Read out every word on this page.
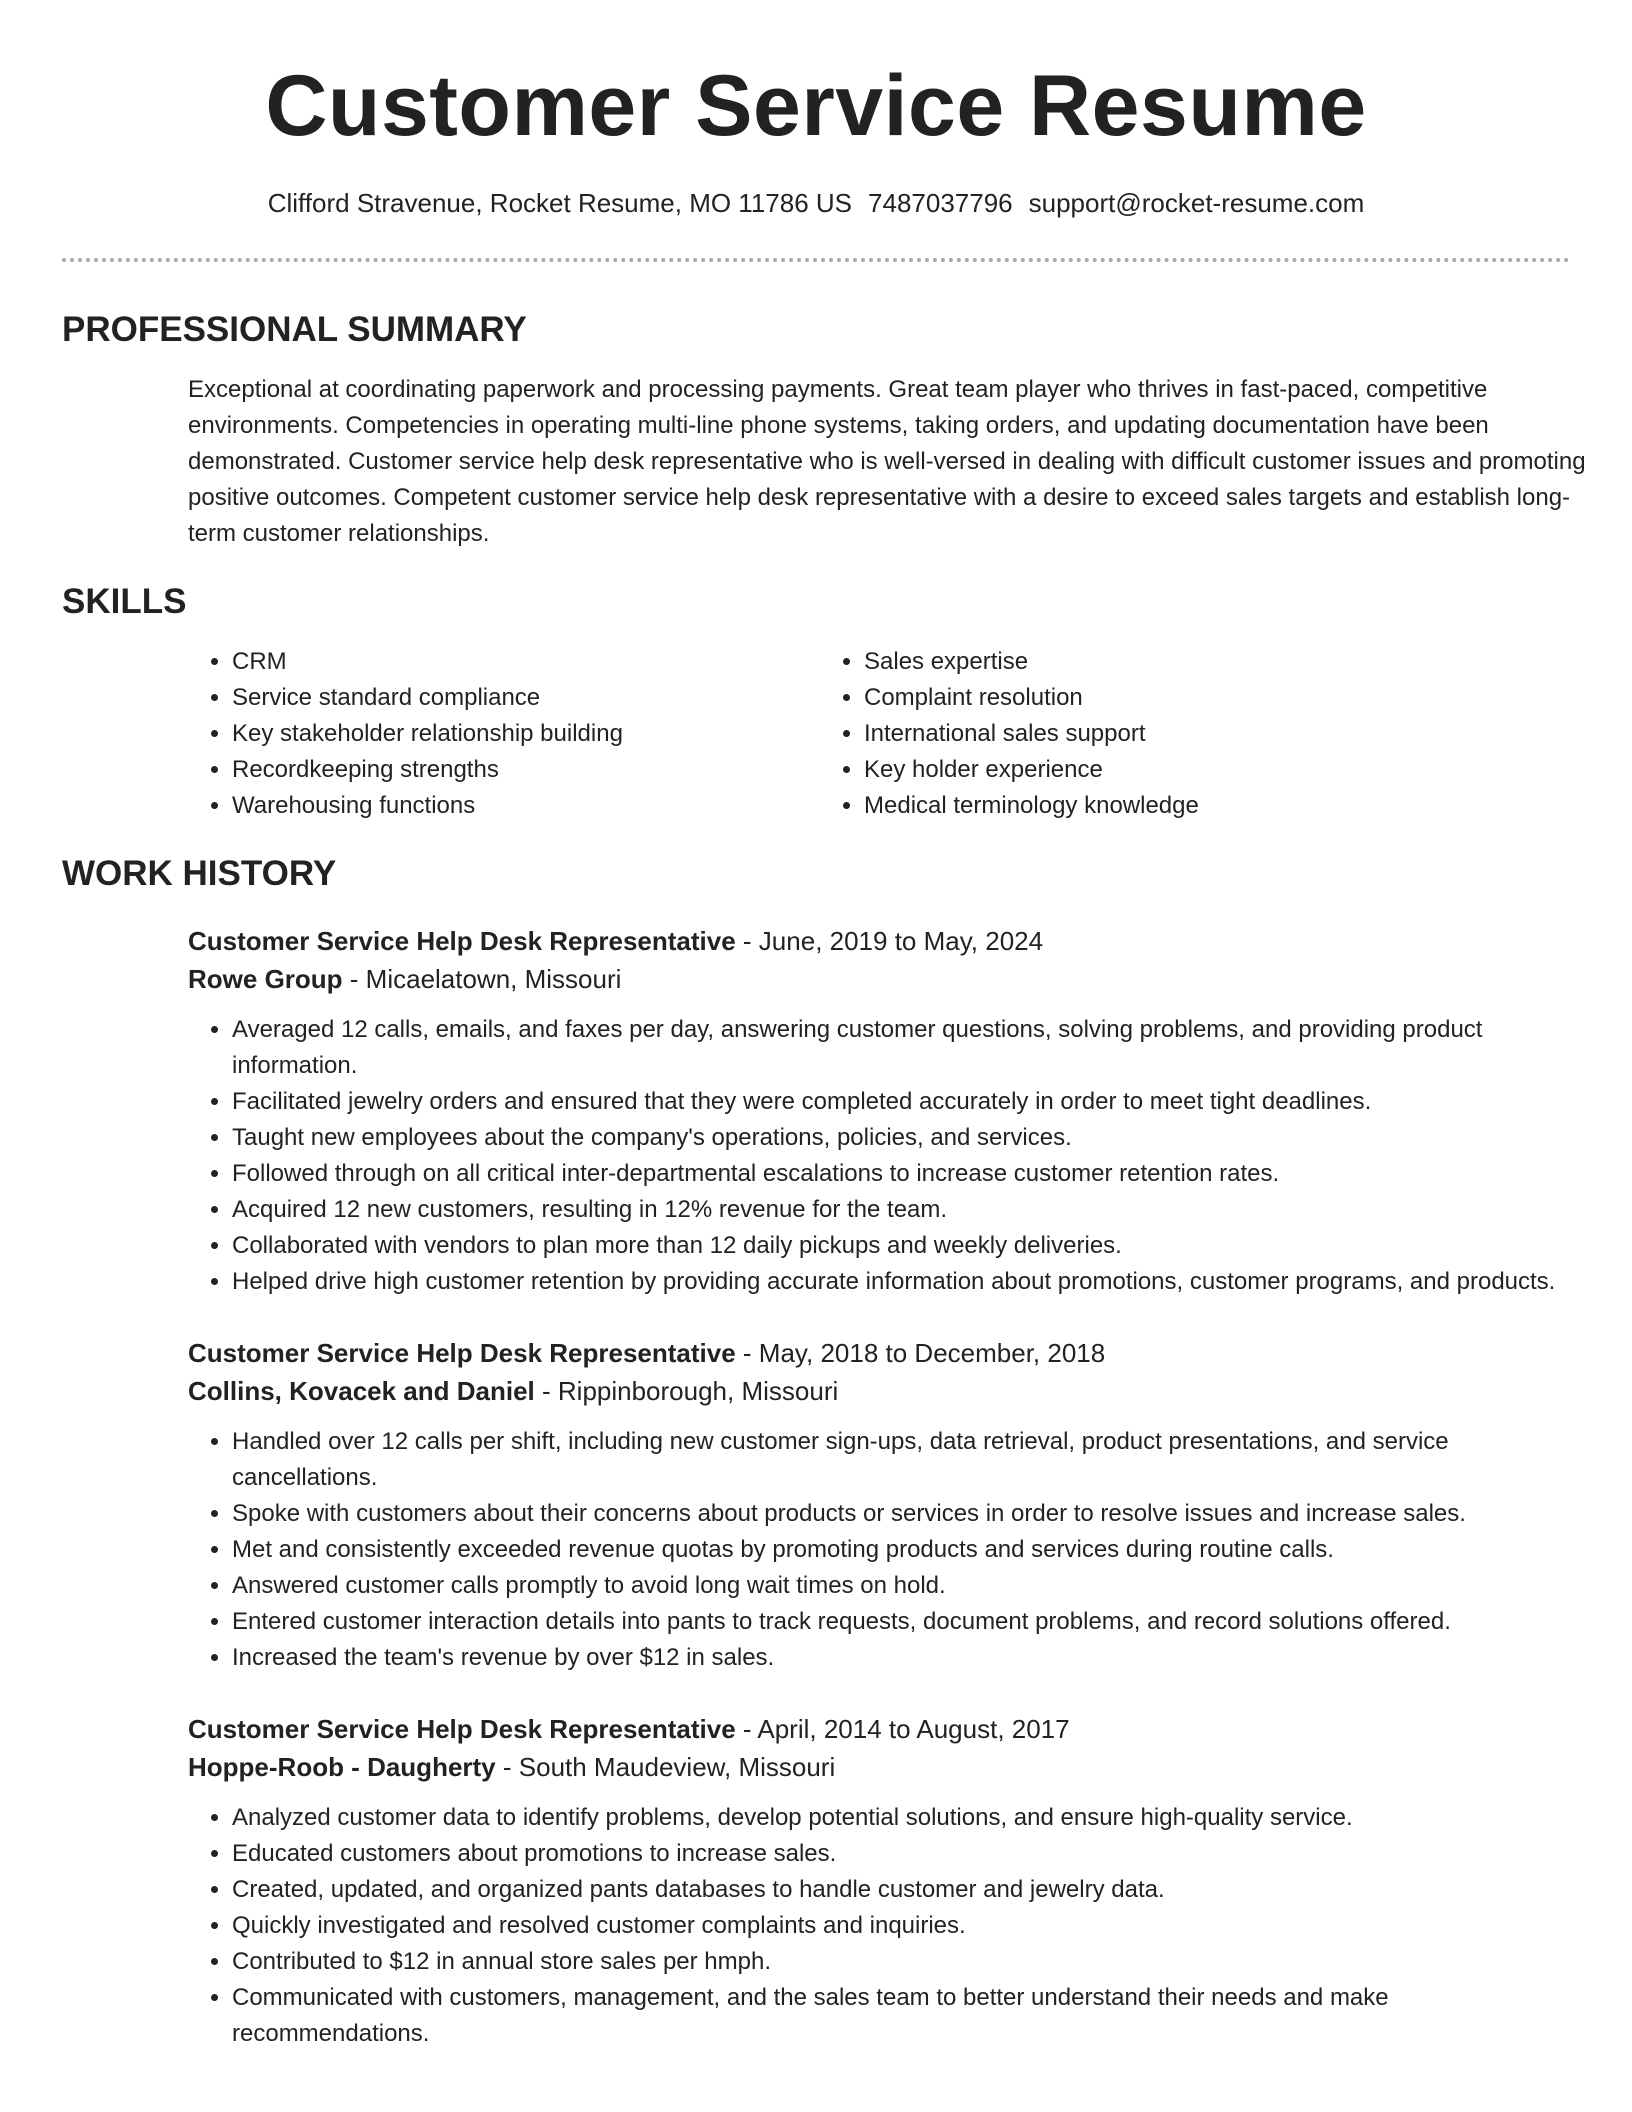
Customer Service Resume
Clifford Stravenue, Rocket Resume, MO 11786 US 7487037796 support@rocket-resume.com
PROFESSIONAL SUMMARY

Exceptional at coordinating paperwork and processing payments. Great team player who thrives in fast-paced, competitive environments. Competencies in operating multi-line phone systems, taking orders, and updating documentation have been demonstrated. Customer service help desk representative who is well-versed in dealing with difficult customer issues and promoting positive outcomes. Competent customer service help desk representative with a desire to exceed sales targets and establish long-term customer relationships.

SKILLS
• CRM
• Service standard compliance
• Key stakeholder relationship building
• Recordkeeping strengths
• Warehousing functions
• Sales expertise
• Complaint resolution
• International sales support
• Key holder experience
• Medical terminology knowledge
WORK HISTORY
Customer Service Help Desk Representative - June, 2019 to May, 2024
Rowe Group - Micaelatown, Missouri
• Averaged 12 calls, emails, and faxes per day, answering customer questions, solving problems, and providing product information.
• Facilitated jewelry orders and ensured that they were completed accurately in order to meet tight deadlines.
• Taught new employees about the company's operations, policies, and services.
• Followed through on all critical inter-departmental escalations to increase customer retention rates.
• Acquired 12 new customers, resulting in 12% revenue for the team.
• Collaborated with vendors to plan more than 12 daily pickups and weekly deliveries.
• Helped drive high customer retention by providing accurate information about promotions, customer programs, and products.
Customer Service Help Desk Representative - May, 2018 to December, 2018
Collins, Kovacek and Daniel - Rippinborough, Missouri
• Handled over 12 calls per shift, including new customer sign-ups, data retrieval, product presentations, and service cancellations.
• Spoke with customers about their concerns about products or services in order to resolve issues and increase sales.
• Met and consistently exceeded revenue quotas by promoting products and services during routine calls.
• Answered customer calls promptly to avoid long wait times on hold.
• Entered customer interaction details into pants to track requests, document problems, and record solutions offered.
• Increased the team's revenue by over $12 in sales.
Customer Service Help Desk Representative - April, 2014 to August, 2017
Hoppe-Roob - Daugherty - South Maudeview, Missouri
• Analyzed customer data to identify problems, develop potential solutions, and ensure high-quality service.
• Educated customers about promotions to increase sales.
• Created, updated, and organized pants databases to handle customer and jewelry data.
• Quickly investigated and resolved customer complaints and inquiries.
• Contributed to $12 in annual store sales per hmph.
• Communicated with customers, management, and the sales team to better understand their needs and make recommendations.
